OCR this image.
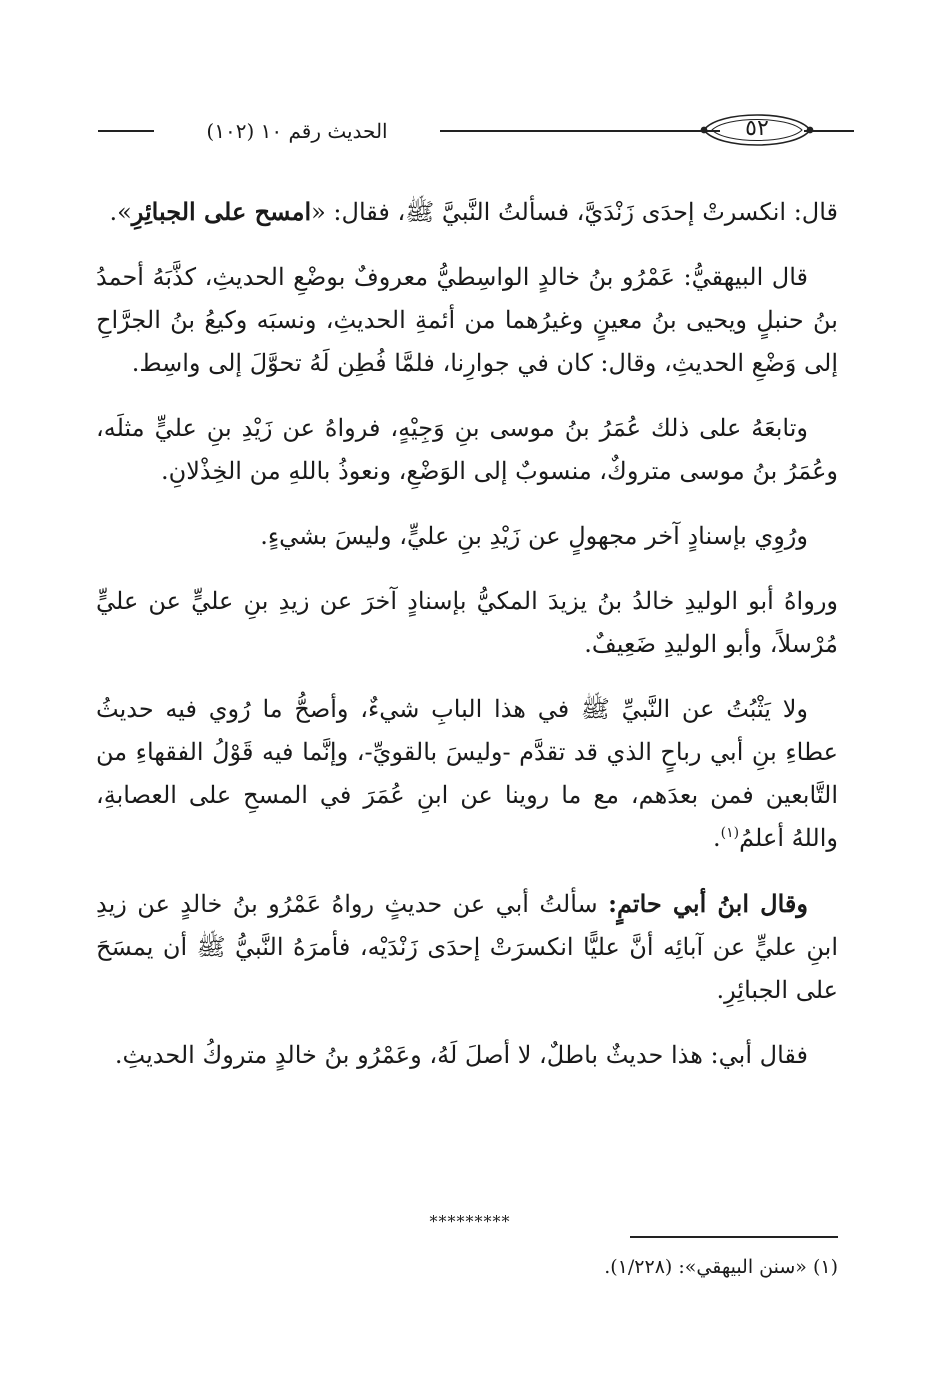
الحديث رقم ١٠ (١٠٢)	٥٢

قال: انكسرتْ إحدَى زَنْدَيَّ، فسألتُ النَّبيَّ ﷺ، فقال: «امسح على الجبائِرِ».

قال البيهقيُّ: عَمْرُو بنُ خالدٍ الواسِطيُّ معروفٌ بوضْعِ الحديثِ، كذَّبَهُ أحمدُ بنُ حنبلٍ ويحيى بنُ معينٍ وغيرُهما من أئمةِ الحديثِ، ونسبَه وكيعُ بنُ الجرَّاحِ إلى وَضْعِ الحديثِ، وقال: كان في جوارِنا، فلمَّا فُطِن لَهُ تحوَّلَ إلى واسِط.

وتابعَهُ على ذلك عُمَرُ بنُ موسى بنِ وَجِيْهٍ، فرواهُ عن زَيْدِ بنِ عليٍّ مثلَه، وعُمَرُ بنُ موسى متروكٌ، منسوبٌ إلى الوَضْعِ، ونعوذُ باللهِ من الخِذْلانِ.

ورُوِي بإسنادٍ آخر مجهولٍ عن زَيْدِ بنِ عليٍّ، وليسَ بشيءٍ.

ورواهُ أبو الوليدِ خالدُ بنُ يزيدَ المكيُّ بإسنادٍ آخرَ عن زيدِ بنِ عليٍّ عن عليٍّ مُرْسلاً، وأبو الوليدِ ضَعِيفٌ.

ولا يَثْبُتُ عن النَّبيِّ ﷺ في هذا البابِ شيءٌ، وأصحُّ ما رُوي فيه حديثُ عطاءِ بنِ أبي رباحٍ الذي قد تقدَّم -وليسَ بالقويِّ-، وإنَّما فيه قَوْلُ الفقهاءِ من التَّابعين فمن بعدَهم، مع ما روينا عن ابنِ عُمَرَ في المسحِ على العصابةِ، واللهُ أعلمُ$^{(١)}$.

وقال ابنُ أبي حاتمٍ: سألتُ أبي عن حديثٍ رواهُ عَمْرُو بنُ خالدٍ عن زيدِ ابنِ عليٍّ عن آبائِه أنَّ عليًّا انكسرَتْ إحدَى زَنْدَيْه، فأمرَهُ النَّبيُّ ﷺ أن يمسَحَ على الجبائِرِ.

فقال أبي: هذا حديثٌ باطلٌ، لا أصلَ لَهُ، وعَمْرُو بنُ خالدٍ متروكُ الحديثِ.

*********
(١) «سنن البيهقي»: (١/٢٢٨).
